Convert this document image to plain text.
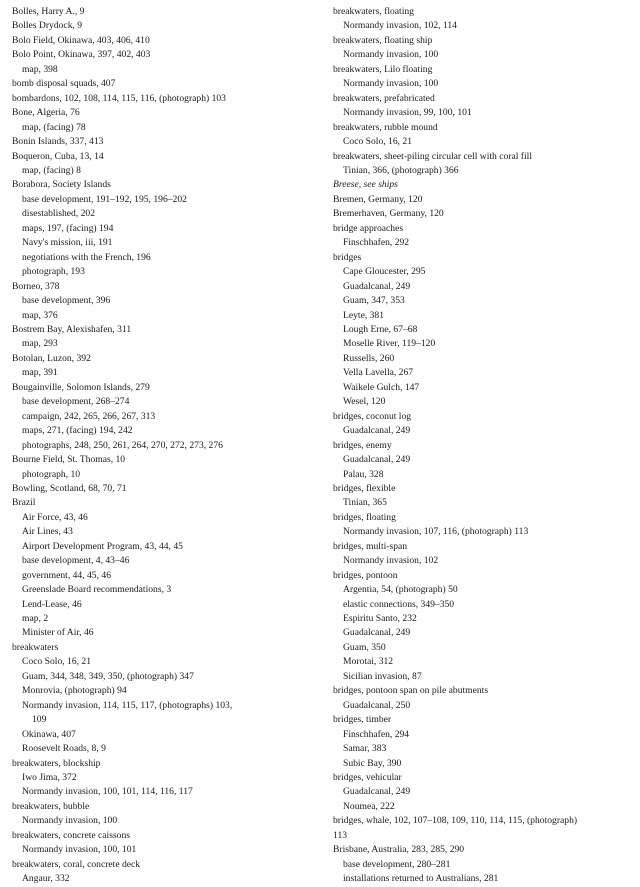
Bolles, Harry A., 9
Bolles Drydock, 9
Bolo Field, Okinawa, 403, 406, 410
Bolo Point, Okinawa, 397, 402, 403
map, 398
bomb disposal squads, 407
bombardons, 102, 108, 114, 115, 116, (photograph) 103
Bone, Algeria, 76
map, (facing) 78
Bonin Islands, 337, 413
Boqueron, Cuba, 13, 14
map, (facing) 8
Borabora, Society Islands
base development, 191–192, 195, 196–202
disestablished, 202
maps, 197, (facing) 194
Navy's mission, iii, 191
negotiations with the French, 196
photograph, 193
Borneo, 378
base development, 396
map, 376
Bostrem Bay, Alexishafen, 311
map, 293
Botolan, Luzon, 392
map, 391
Bougainville, Solomon Islands, 279
base development, 268–274
campaign, 242, 265, 266, 267, 313
maps, 271, (facing) 194, 242
photographs, 248, 250, 261, 264, 270, 272, 273, 276
Bourne Field, St. Thomas, 10
photograph, 10
Bowling, Scotland, 68, 70, 71
Brazil
Air Force, 43, 46
Air Lines, 43
Airport Development Program, 43, 44, 45
base development, 4, 43–46
government, 44, 45, 46
Greenslade Board recommendations, 3
Lend-Lease, 46
map, 2
Minister of Air, 46
breakwaters
Coco Solo, 16, 21
Guam, 344, 348, 349, 350, (photograph) 347
Monrovia, (photograph) 94
Normandy invasion, 114, 115, 117, (photographs) 103,
109
Okinawa, 407
Roosevelt Roads, 8, 9
breakwaters, blockship
Iwo Jima, 372
Normandy invasion, 100, 101, 114, 116, 117
breakwaters, bubble
Normandy invasion, 100
breakwaters, concrete caissons
Normandy invasion, 100, 101
breakwaters, coral, concrete deck
Angaur, 332
breakwaters, floating
Normandy invasion, 102, 114
breakwaters, floating ship
Normandy invasion, 100
breakwaters, Lilo floating
Normandy invasion, 100
breakwaters, prefabricated
Normandy invasion, 99, 100, 101
breakwaters, rubble mound
Coco Solo, 16, 21
breakwaters, sheet-piling circular cell with coral fill
Tinian, 366, (photograph) 366
Breese, see ships
Bremen, Germany, 120
Bremerhaven, Germany, 120
bridge approaches
Finschhafen, 292
bridges
Cape Gloucester, 295
Guadalcanal, 249
Guam, 347, 353
Leyte, 381
Lough Erne, 67–68
Moselle River, 119–120
Russells, 260
Vella Lavella, 267
Waikele Gulch, 147
Wesel, 120
bridges, coconut log
Guadalcanal, 249
bridges, enemy
Guadalcanal, 249
Palau, 328
bridges, flexible
Tinian, 365
bridges, floating
Normandy invasion, 107, 116, (photograph) 113
bridges, multi-span
Normandy invasion, 102
bridges, pontoon
Argentia, 54, (photograph) 50
elastic connections, 349–350
Espiritu Santo, 232
Guadalcanal, 249
Guam, 350
Morotai, 312
Sicilian invasion, 87
bridges, pontoon span on pile abutments
Guadalcanal, 250
bridges, timber
Finschhafen, 294
Samar, 383
Subic Bay, 390
bridges, vehicular
Guadalcanal, 249
Noumea, 222
bridges, whale, 102, 107–108, 109, 110, 114, 115, (photograph)
113
Brisbane, Australia, 283, 285, 290
base development, 280–281
installations returned to Australians, 281
